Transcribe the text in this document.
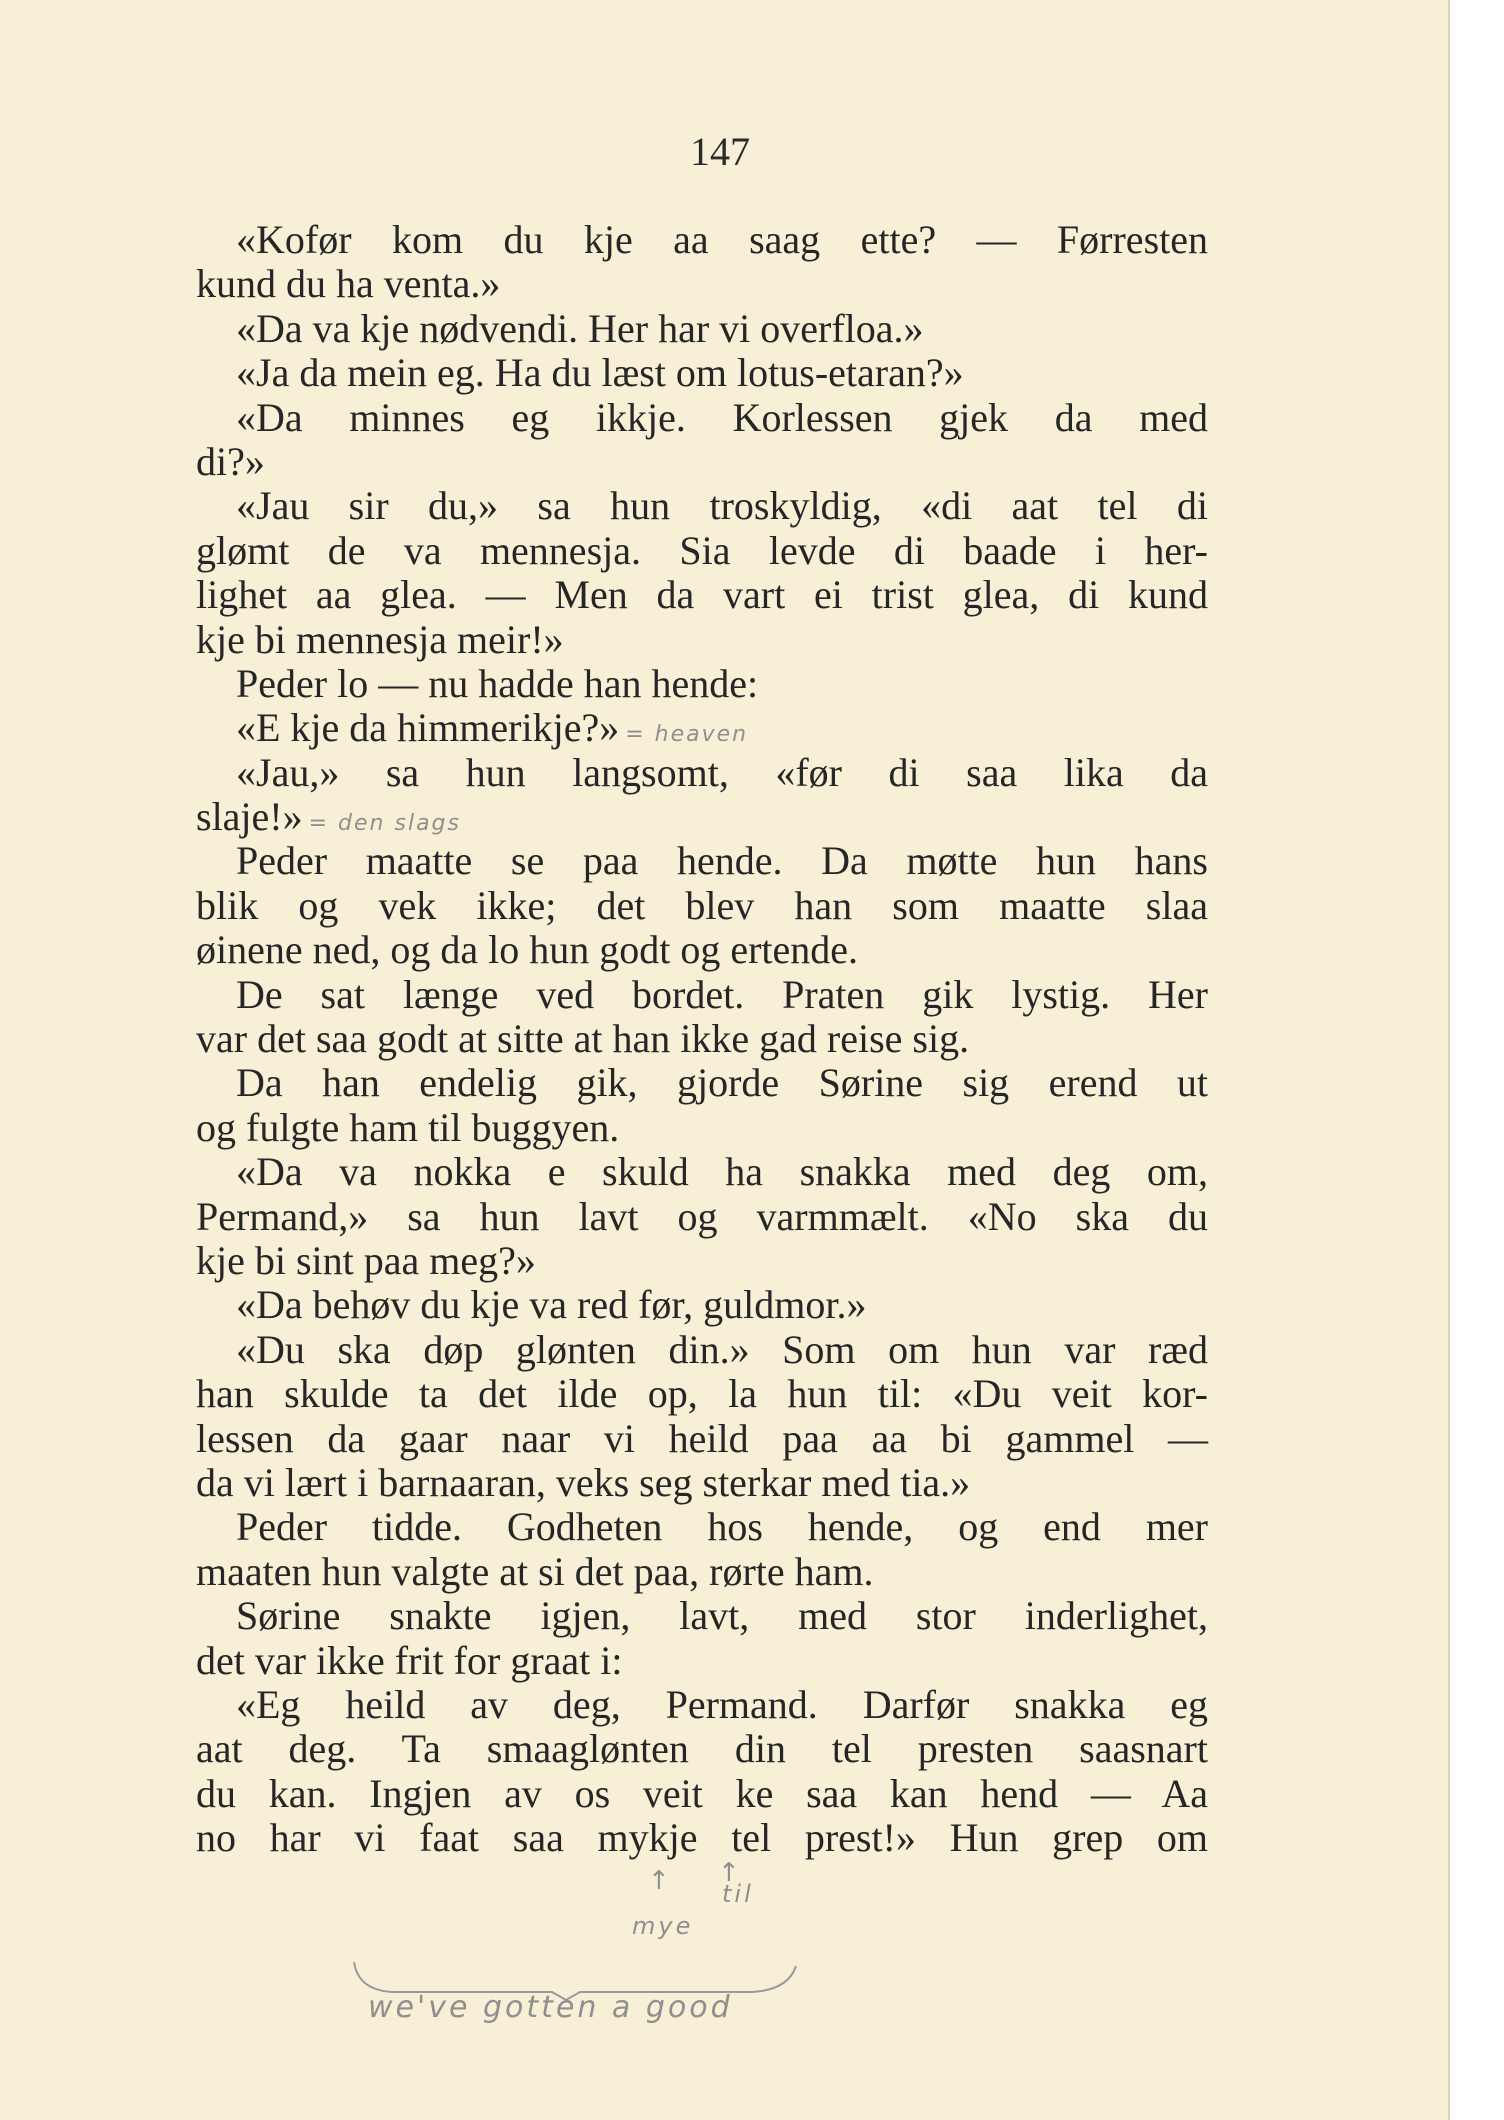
147
«Kofør kom du kje aa saag ette? — Førresten
kund du ha venta.»
«Da va kje nødvendi. Her har vi overfloa.»
«Ja da mein eg. Ha du læst om lotus-etaran?»
«Da minnes eg ikkje. Korlessen gjek da med
di?»
«Jau sir du,» sa hun troskyldig, «di aat tel di
glømt de va mennesja. Sia levde di baade i her-
lighet aa glea. — Men da vart ei trist glea, di kund
kje bi mennesja meir!»
Peder lo — nu hadde han hende:
«E kje da himmerikje?» = heaven
«Jau,» sa hun langsomt, «før di saa lika da
slaje!» = den slags
Peder maatte se paa hende. Da møtte hun hans
blik og vek ikke; det blev han som maatte slaa
øinene ned, og da lo hun godt og ertende.
De sat længe ved bordet. Praten gik lystig. Her
var det saa godt at sitte at han ikke gad reise sig.
Da han endelig gik, gjorde Sørine sig erend ut
og fulgte ham til buggyen.
«Da va nokka e skuld ha snakka med deg om,
Permand,» sa hun lavt og varmmælt. «No ska du
kje bi sint paa meg?»
«Da behøv du kje va red før, guldmor.»
«Du ska døp glønten din.» Som om hun var ræd
han skulde ta det ilde op, la hun til: «Du veit kor-
lessen da gaar naar vi heild paa aa bi gammel —
da vi lært i barnaaran, veks seg sterkar med tia.»
Peder tidde. Godheten hos hende, og end mer
maaten hun valgte at si det paa, rørte ham.
Sørine snakte igjen, lavt, med stor inderlighet,
det var ikke frit for graat i:
«Eg heild av deg, Permand. Darfør snakka eg
aat deg. Ta smaaglønten din tel presten saasnart
du kan. Ingjen av os veit ke saa kan hend — Aa
no har vi faat saa mykje tel prest!» Hun grep om
↑ ↑
mye
til
we've gotten a good
